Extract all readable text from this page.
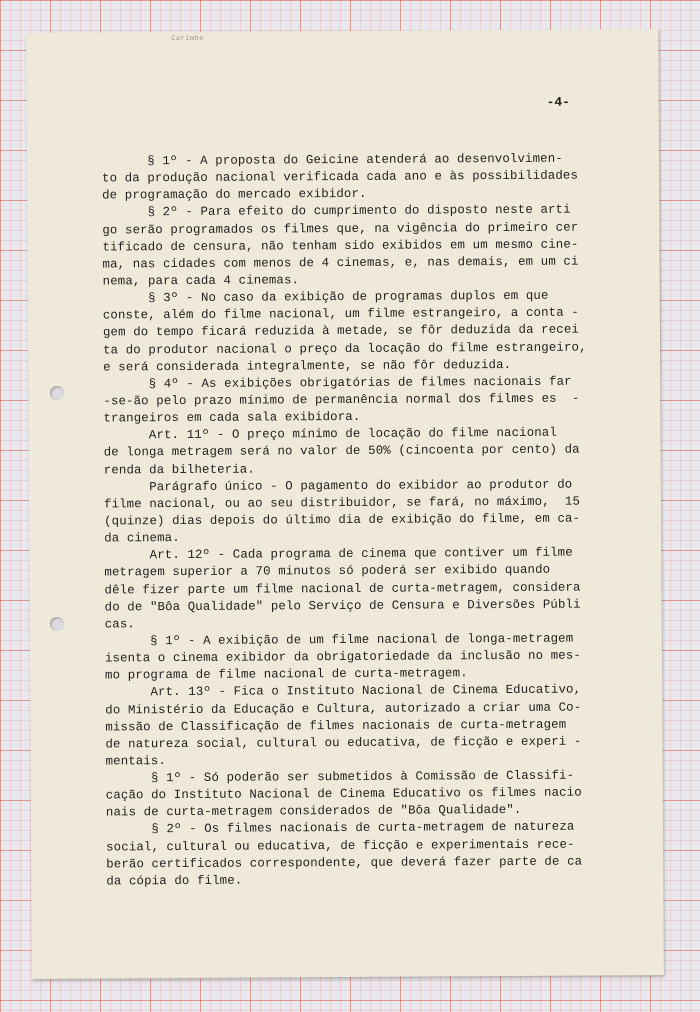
Carimbo
-4-
§ 1º - A proposta do Geicine atenderá ao desenvolvimen-
to da produção nacional verificada cada ano e às possibilidades
de programação do mercado exibidor.
§ 2º - Para efeito do cumprimento do disposto neste arti
go serão programados os filmes que, na vigência do primeiro cer
tificado de censura, não tenham sido exibidos em um mesmo cine-
ma, nas cidades com menos de 4 cinemas, e, nas demais, em um ci
nema, para cada 4 cinemas.
§ 3º - No caso da exibição de programas duplos em que
conste, além do filme nacional, um filme estrangeiro, a conta -
gem do tempo ficará reduzida à metade, se fôr deduzida da recei
ta do produtor nacional o preço da locação do filme estrangeiro,
e será considerada integralmente, se não fôr deduzida.
§ 4º - As exibições obrigatórias de filmes nacionais far
-se-ão pelo prazo mínimo de permanência normal dos filmes es  -
trangeiros em cada sala exibidora.
Art. 11º - O preço mínimo de locação do filme nacional
de longa metragem será no valor de 50% (cincoenta por cento) da
renda da bilheteria.
Parágrafo único - O pagamento do exibidor ao produtor do
filme nacional, ou ao seu distribuidor, se fará, no máximo,  15
(quinze) dias depois do último dia de exibição do filme, em ca-
da cinema.
Art. 12º - Cada programa de cinema que contiver um filme
metragem superior a 70 minutos só poderá ser exibido quando
dêle fizer parte um filme nacional de curta-metragem, considera
do de "Bôa Qualidade" pelo Serviço de Censura e Diversões Públi
cas.
§ 1º - A exibição de um filme nacional de longa-metragem
isenta o cinema exibidor da obrigatoriedade da inclusão no mes-
mo programa de filme nacional de curta-metragem.
Art. 13º - Fica o Instituto Nacional de Cinema Educativo,
do Ministério da Educação e Cultura, autorizado a criar uma Co-
missão de Classificação de filmes nacionais de curta-metragem
de natureza social, cultural ou educativa, de ficção e experi -
mentais.
§ 1º - Só poderão ser submetidos à Comissão de Classifi-
cação do Instituto Nacional de Cinema Educativo os filmes nacio
nais de curta-metragem considerados de "Bôa Qualidade".
§ 2º - Os filmes nacionais de curta-metragem de natureza
social, cultural ou educativa, de ficção e experimentais rece-
berão certificados correspondente, que deverá fazer parte de ca
da cópia do filme.
